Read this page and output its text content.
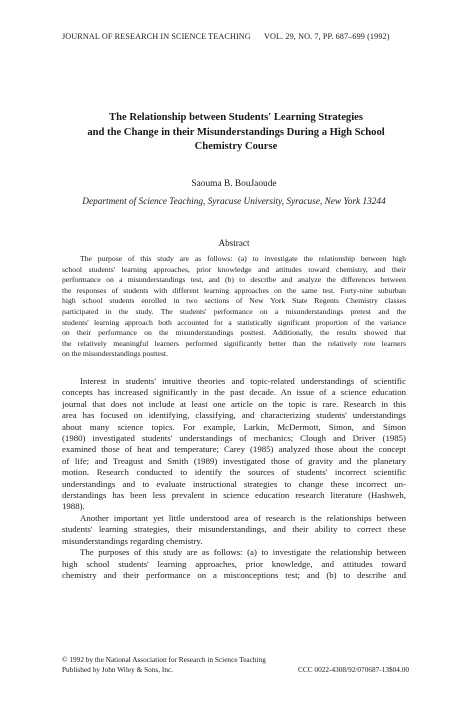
JOURNAL OF RESEARCH IN SCIENCE TEACHING VOL. 29, NO. 7, PP. 687–699 (1992)
The Relationship between Students' Learning Strategies
and the Change in their Misunderstandings During a High School
Chemistry Course
Saouma B. BouJaoude
Department of Science Teaching, Syracuse University, Syracuse, New York 13244
Abstract
The purpose of this study are as follows: (a) to investigate the relationship between high
school students' learning approaches, prior knowledge and attitudes toward chemistry, and their
performance on a misunderstandings test, and (b) to describe and analyze the differences between
the responses of students with different learning approaches on the same test. Forty-nine suburban
high school students enrolled in two sections of New York State Regents Chemistry classes
participated in the study. The students' performance on a misunderstandings pretest and the
students' learning approach both accounted for a statistically significant proportion of the variance
on their performance on the misunderstandings posttest. Additionally, the results showed that
the relatively meaningful learners performed significantly better than the relatively rote learners
on the misunderstandings posttest.
Interest in students' intuitive theories and topic-related understandings of scientific
concepts has increased significantly in the past decade. An issue of a science education
journal that does not include at least one article on the topic is rare. Research in this
area has focused on identifying, classifying, and characterizing students' understandings
about many science topics. For example, Larkin, McDermott, Simon, and Simon
(1980) investigated students' understandings of mechanics; Clough and Driver (1985)
examined those of heat and temperature; Carey (1985) analyzed those about the concept
of life; and Treagust and Smith (1989) investigated those of gravity and the planetary
motion. Research conducted to identify the sources of students' incorrect scientific
understandings and to evaluate instructional strategies to change these incorrect un-
derstandings has been less prevalent in science education research literature (Hashweh,
1988).
Another important yet little understood area of research is the relationships between
students' learning strategies, their misunderstandings, and their ability to correct these
misunderstandings regarding chemistry.
The purposes of this study are as follows: (a) to investigate the relationship between
high school students' learning approaches, prior knowledge, and attitudes toward
chemistry and their performance on a misconceptions test; and (b) to describe and
© 1992 by the National Association for Research in Science Teaching
Published by John Wiley & Sons, Inc.	CCC 0022-4308/92/070687-13$04.00
